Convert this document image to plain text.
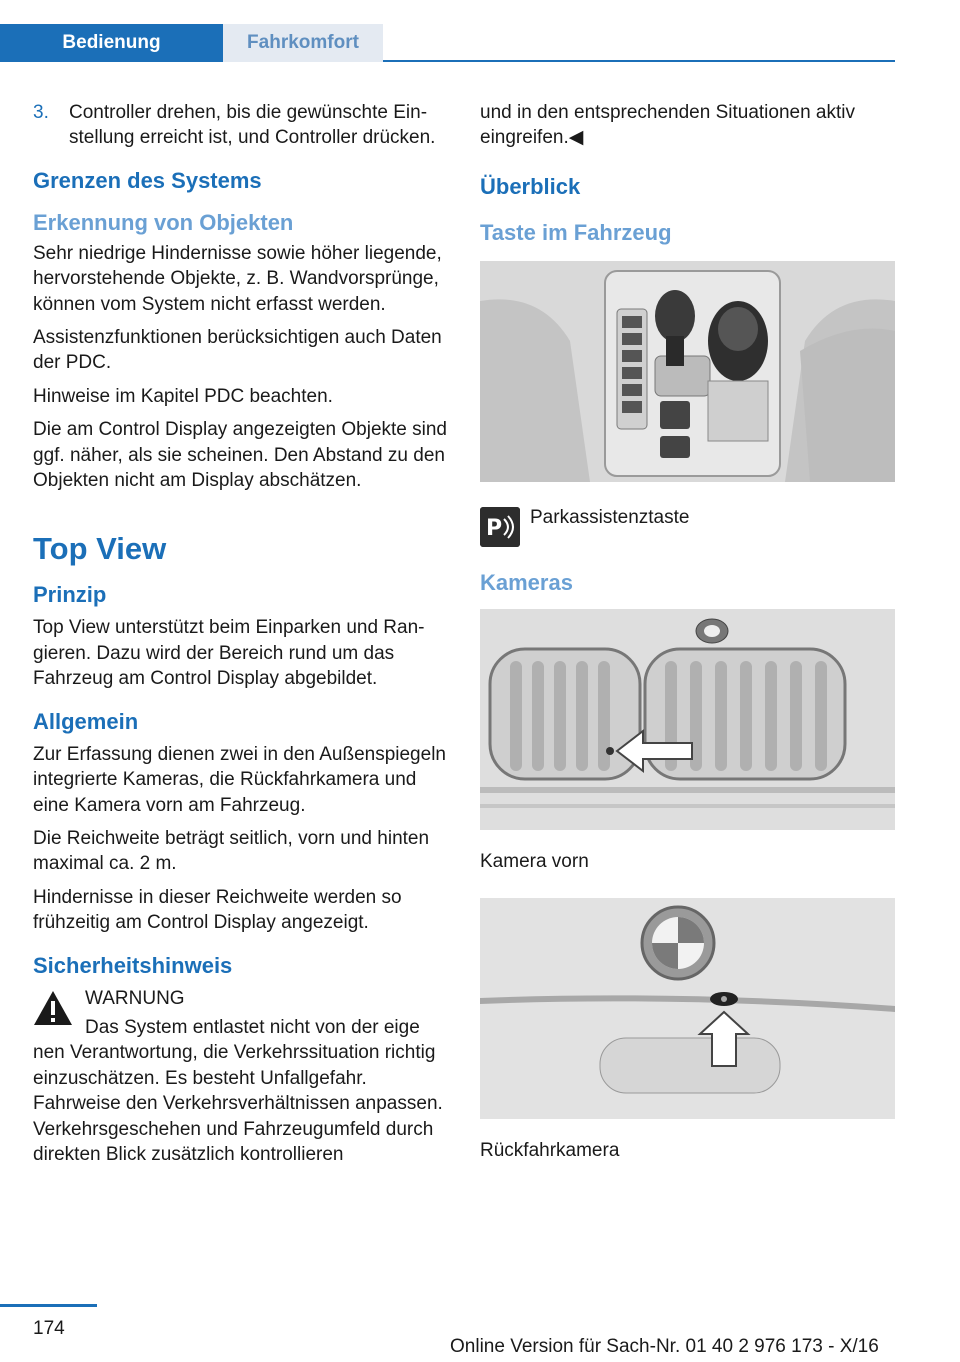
Bedienung	Fahrkomfort

3. Controller drehen, bis die gewünschte Einstellung erreicht ist, und Controller drücken.

Grenzen des Systems
Erkennung von Objekten

Sehr niedrige Hindernisse sowie höher liegende, hervorstehende Objekte, z. B. Wandvorsprünge, können vom System nicht erfasst werden.

Assistenzfunktionen berücksichtigen auch Daten der PDC.

Hinweise im Kapitel PDC beachten.

Die am Control Display angezeigten Objekte sind ggf. näher, als sie scheinen. Den Abstand zu den Objekten nicht am Display abschätzen.

Top View
Prinzip

Top View unterstützt beim Einparken und Rangieren. Dazu wird der Bereich rund um das Fahrzeug am Control Display abgebildet.

Allgemein

Zur Erfassung dienen zwei in den Außenspiegeln integrierte Kameras, die Rückfahrkamera und eine Kamera vorn am Fahrzeug.

Die Reichweite beträgt seitlich, vorn und hinten maximal ca. 2 m.

Hindernisse in dieser Reichweite werden so frühzeitig am Control Display angezeigt.

Sicherheitshinweis

WARNUNG

Das System entlastet nicht von der eige

nen Verantwortung, die Verkehrssituation richtig einzuschätzen. Es besteht Unfallgefahr. Fahrweise den Verkehrsverhältnissen anpassen. Verkehrsgeschehen und Fahrzeugumfeld durch direkten Blick zusätzlich kontrollieren

und in den entsprechenden Situationen aktiv eingreifen.◀

Überblick
Taste im Fahrzeug
P Parkassistenztaste
Kameras

Kamera vorn

Rückfahrkamera

174
Online Version für Sach-Nr. 01 40 2 976 173 - X/16
